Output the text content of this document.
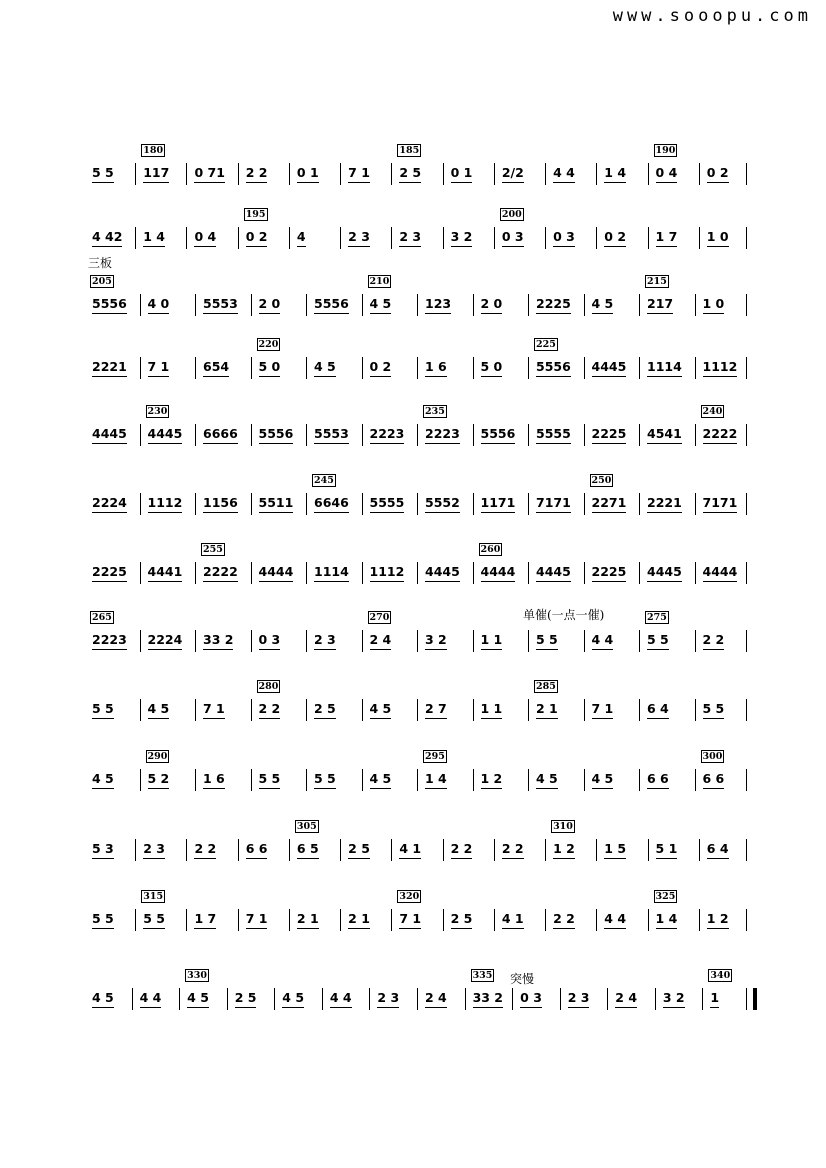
www.sooopu.com
三板
单催(一点一催)
突慢
5 5 117
180
0 71 2 2 0 1 7 1 2 5
185
0 1 2/2 4 4 1 4 0 4
190
0 2
4 42 1 4 0 4 0 2
195
4	2 3 2 3 3 2 0 3
200
0 3 0 2 1 7 1 0
5556
205
4 0	5553 2 0	5556 4 5
210
123 2 0	2225 4 5	217
215
1 0
2221 7 1	654 5 0
220
4 5	0 2	1 6	5 0	5556
225
4445 1114 1112
4445 4445
230
6666 5556 5553 2223 2223
235
5556 5555 2225 4541 2222
240
2224 1112 1156 5511 6646
245
5555 5552 1171 7171 2271
250
2221 7171
2225 4441 2222
255
4444 1114 1112 4445 4444
260
4445 2225 4445 4444
2223
265
2224 33 2 0 3	2 3	2 4
270
3 2	1 1	5 5	4 4	5 5
275
2 2
5 5	4 5	7 1	2 2
280
2 5	4 5	2 7	1 1	2 1
285
7 1	6 4	5 5
4 5	5 2
290
1 6	5 5	5 5	4 5	1 4
295
1 2	4 5	4 5	6 6	6 6
300
5 3 2 3 2 2 6 6 6 5
305
2 5 4 1 2 2 2 2 1 2
310
1 5 5 1 6 4
5 5 5 5
315
1 7 7 1 2 1 2 1 7 1
320
2 5 4 1 2 2 4 4 1 4
325
1 2
4 5 4 4 4 5
330
2 5 4 5 4 4 2 3 2 4 33 2
335
0 3 2 3 2 4 3 2 1
340
